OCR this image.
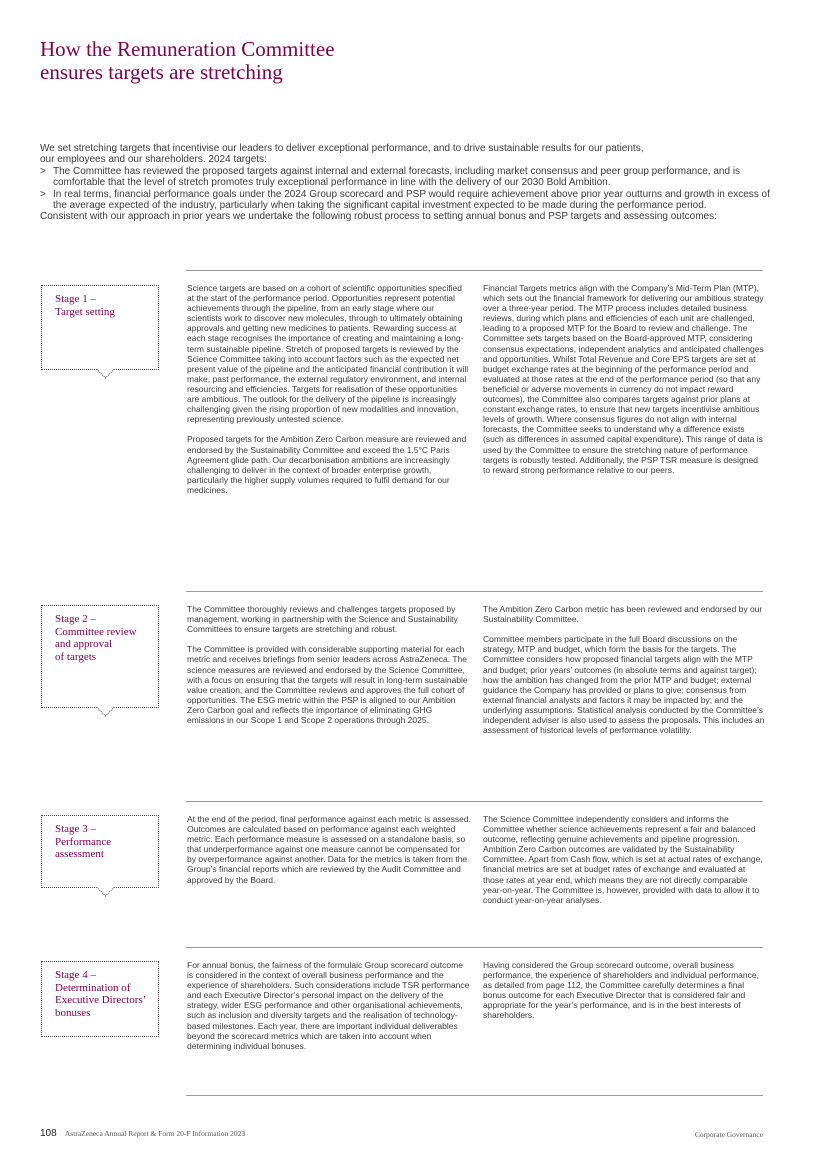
How the Remuneration Committee
ensures targets are stretching

We set stretching targets that incentivise our leaders to deliver exceptional performance, and to drive sustainable results for our patients,
our employees and our shareholders. 2024 targets:

> The Committee has reviewed the proposed targets against internal and external forecasts, including market consensus and peer group performance, and is comfortable that the level of stretch promotes truly exceptional performance in line with the delivery of our 2030 Bold Ambition.

> In real terms, financial performance goals under the 2024 Group scorecard and PSP would require achievement above prior year outturns and growth in excess of the average expected of the industry, particularly when taking the significant capital investment expected to be made during the performance period.

Consistent with our approach in prior years we undertake the following robust process to setting annual bonus and PSP targets and assessing outcomes:

Stage 1 –
Target setting

Science targets are based on a cohort of scientific opportunities specified at the start of the performance period. Opportunities represent potential achievements through the pipeline, from an early stage where our scientists work to discover new molecules, through to ultimately obtaining approvals and getting new medicines to patients. Rewarding success at each stage recognises the importance of creating and maintaining a long-term sustainable pipeline. Stretch of proposed targets is reviewed by the Science Committee taking into account factors such as the expected net present value of the pipeline and the anticipated financial contribution it will make, past performance, the external regulatory environment, and internal resourcing and efficiencies. Targets for realisation of these opportunities are ambitious. The outlook for the delivery of the pipeline is increasingly challenging given the rising proportion of new modalities and innovation, representing previously untested science.

Proposed targets for the Ambition Zero Carbon measure are reviewed and endorsed by the Sustainability Committee and exceed the 1.5°C Paris Agreement glide path. Our decarbonisation ambitions are increasingly challenging to deliver in the context of broader enterprise growth, particularly the higher supply volumes required to fulfil demand for our medicines.

Financial Targets metrics align with the Company’s Mid-Term Plan (MTP), which sets out the financial framework for delivering our ambitious strategy over a three-year period. The MTP process includes detailed business reviews, during which plans and efficiencies of each unit are challenged, leading to a proposed MTP for the Board to review and challenge. The Committee sets targets based on the Board-approved MTP, considering consensus expectations, independent analytics and anticipated challenges and opportunities. Whilst Total Revenue and Core EPS targets are set at budget exchange rates at the beginning of the performance period and evaluated at those rates at the end of the performance period (so that any beneficial or adverse movements in currency do not impact reward outcomes), the Committee also compares targets against prior plans at constant exchange rates, to ensure that new targets incentivise ambitious levels of growth. Where consensus figures do not align with internal forecasts, the Committee seeks to understand why a difference exists (such as differences in assumed capital expenditure). This range of data is used by the Committee to ensure the stretching nature of performance targets is robustly tested. Additionally, the PSP TSR measure is designed to reward strong performance relative to our peers.

Stage 2 –
Committee review
and approval
of targets

The Committee thoroughly reviews and challenges targets proposed by management, working in partnership with the Science and Sustainability Committees to ensure targets are stretching and robust.

The Committee is provided with considerable supporting material for each metric and receives briefings from senior leaders across AstraZeneca. The science measures are reviewed and endorsed by the Science Committee, with a focus on ensuring that the targets will result in long-term sustainable value creation, and the Committee reviews and approves the full cohort of opportunities. The ESG metric within the PSP is aligned to our Ambition Zero Carbon goal and reflects the importance of eliminating GHG emissions in our Scope 1 and Scope 2 operations through 2025.

The Ambition Zero Carbon metric has been reviewed and endorsed by our Sustainability Committee.

Committee members participate in the full Board discussions on the strategy, MTP and budget, which form the basis for the targets. The Committee considers how proposed financial targets align with the MTP and budget; prior years’ outcomes (in absolute terms and against target); how the ambition has changed from the prior MTP and budget; external guidance the Company has provided or plans to give; consensus from external financial analysts and factors it may be impacted by; and the underlying assumptions. Statistical analysis conducted by the Committee’s independent adviser is also used to assess the proposals. This includes an assessment of historical levels of performance volatility.

Stage 3 –
Performance
assessment

At the end of the period, final performance against each metric is assessed. Outcomes are calculated based on performance against each weighted metric. Each performance measure is assessed on a standalone basis, so that underperformance against one measure cannot be compensated for by overperformance against another. Data for the metrics is taken from the Group’s financial reports which are reviewed by the Audit Committee and approved by the Board.

The Science Committee independently considers and informs the Committee whether science achievements represent a fair and balanced outcome, reflecting genuine achievements and pipeline progression. Ambition Zero Carbon outcomes are validated by the Sustainability Committee. Apart from Cash flow, which is set at actual rates of exchange, financial metrics are set at budget rates of exchange and evaluated at those rates at year end, which means they are not directly comparable year-on-year. The Committee is, however, provided with data to allow it to conduct year-on-year analyses.

Stage 4 –
Determination of
Executive Directors’
bonuses

For annual bonus, the fairness of the formulaic Group scorecard outcome is considered in the context of overall business performance and the experience of shareholders. Such considerations include TSR performance and each Executive Director’s personal impact on the delivery of the strategy, wider ESG performance and other organisational achievements, such as inclusion and diversity targets and the realisation of technology-based milestones. Each year, there are important individual deliverables beyond the scorecard metrics which are taken into account when determining individual bonuses.

Having considered the Group scorecard outcome, overall business performance, the experience of shareholders and individual performance, as detailed from page 112, the Committee carefully determines a final bonus outcome for each Executive Director that is considered fair and appropriate for the year’s performance, and is in the best interests of shareholders.

108 AstraZeneca Annual Report & Form 20-F Information 2023	Corporate Governance
